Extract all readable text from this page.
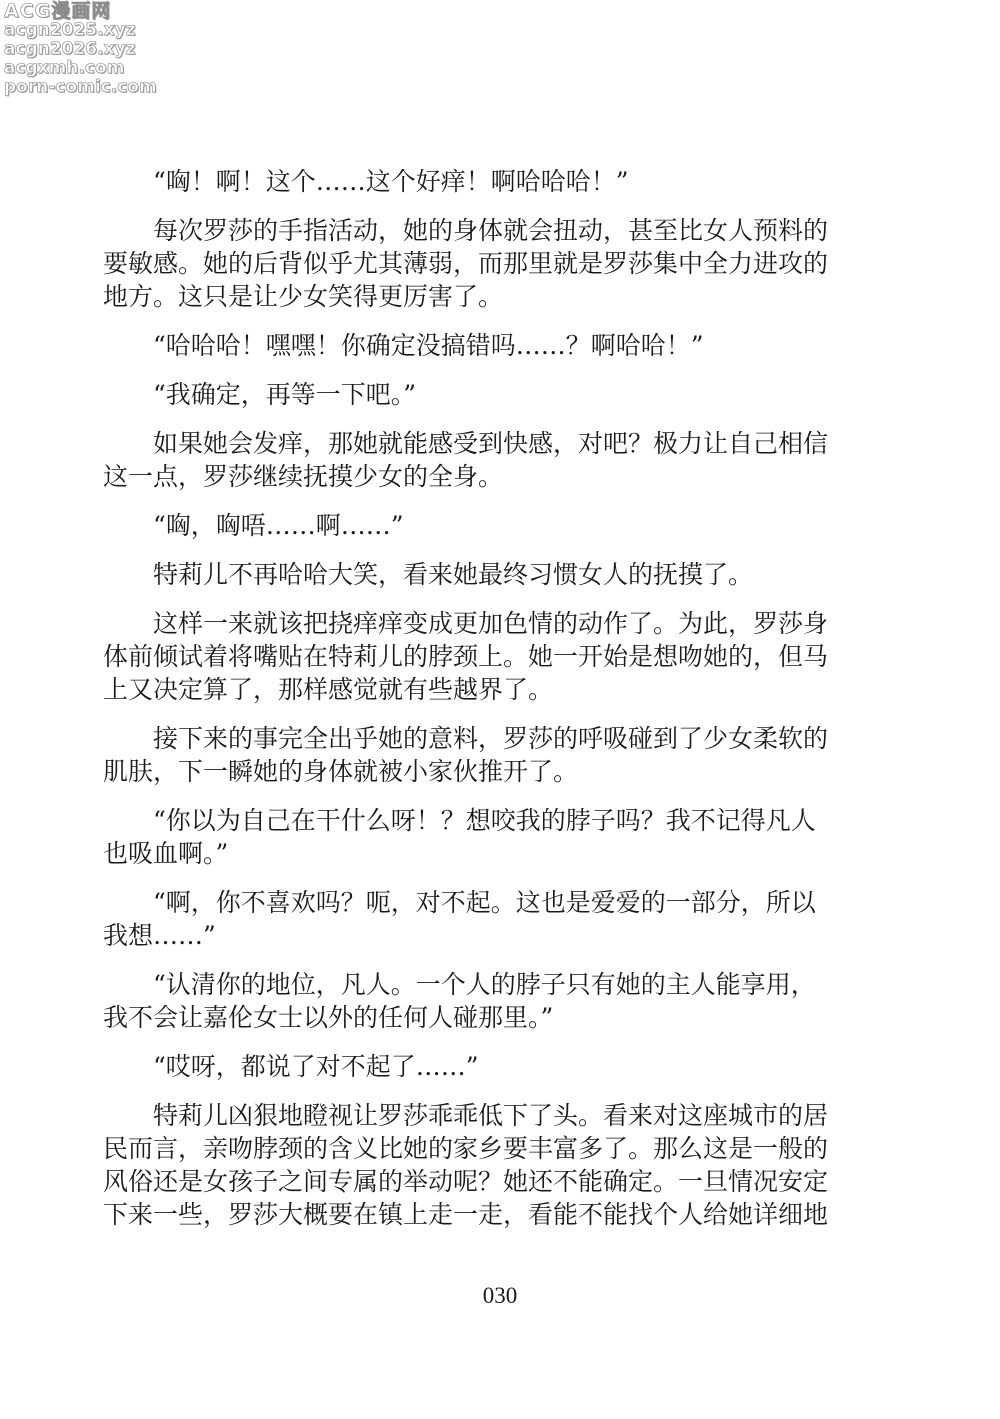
ACG漫画网
acgn2025.xyz
acgn2026.xyz
acgxmh.com
porn-comic.com

“哅！啊！这个……这个好痒！啊哈哈哈！”

每次罗莎的手指活动，她的身体就会扭动，甚至比女人预料的
要敏感。她的后背似乎尤其薄弱，而那里就是罗莎集中全力进攻的
地方。这只是让少女笑得更厉害了。

“哈哈哈！嘿嘿！你确定没搞错吗……？啊哈哈！”

“我确定，再等一下吧。”

如果她会发痒，那她就能感受到快感，对吧？极力让自己相信
这一点，罗莎继续抚摸少女的全身。

“哅，哅唔……啊……”

特莉儿不再哈哈大笑，看来她最终习惯女人的抚摸了。

这样一来就该把挠痒痒变成更加色情的动作了。为此，罗莎身
体前倾试着将嘴贴在特莉儿的脖颈上。她一开始是想吻她的，但马
上又决定算了，那样感觉就有些越界了。

接下来的事完全出乎她的意料，罗莎的呼吸碰到了少女柔软的
肌肤，下一瞬她的身体就被小家伙推开了。

“你以为自己在干什么呀！？想咬我的脖子吗？我不记得凡人
也吸血啊。”

“啊，你不喜欢吗？呃，对不起。这也是爱爱的一部分，所以
我想……”

“认清你的地位，凡人。一个人的脖子只有她的主人能享用，
我不会让嘉伦女士以外的任何人碰那里。”

“哎呀，都说了对不起了……”

特莉儿凶狠地瞪视让罗莎乖乖低下了头。看来对这座城市的居
民而言，亲吻脖颈的含义比她的家乡要丰富多了。那么这是一般的
风俗还是女孩子之间专属的举动呢？她还不能确定。一旦情况安定
下来一些，罗莎大概要在镇上走一走，看能不能找个人给她详细地

030
